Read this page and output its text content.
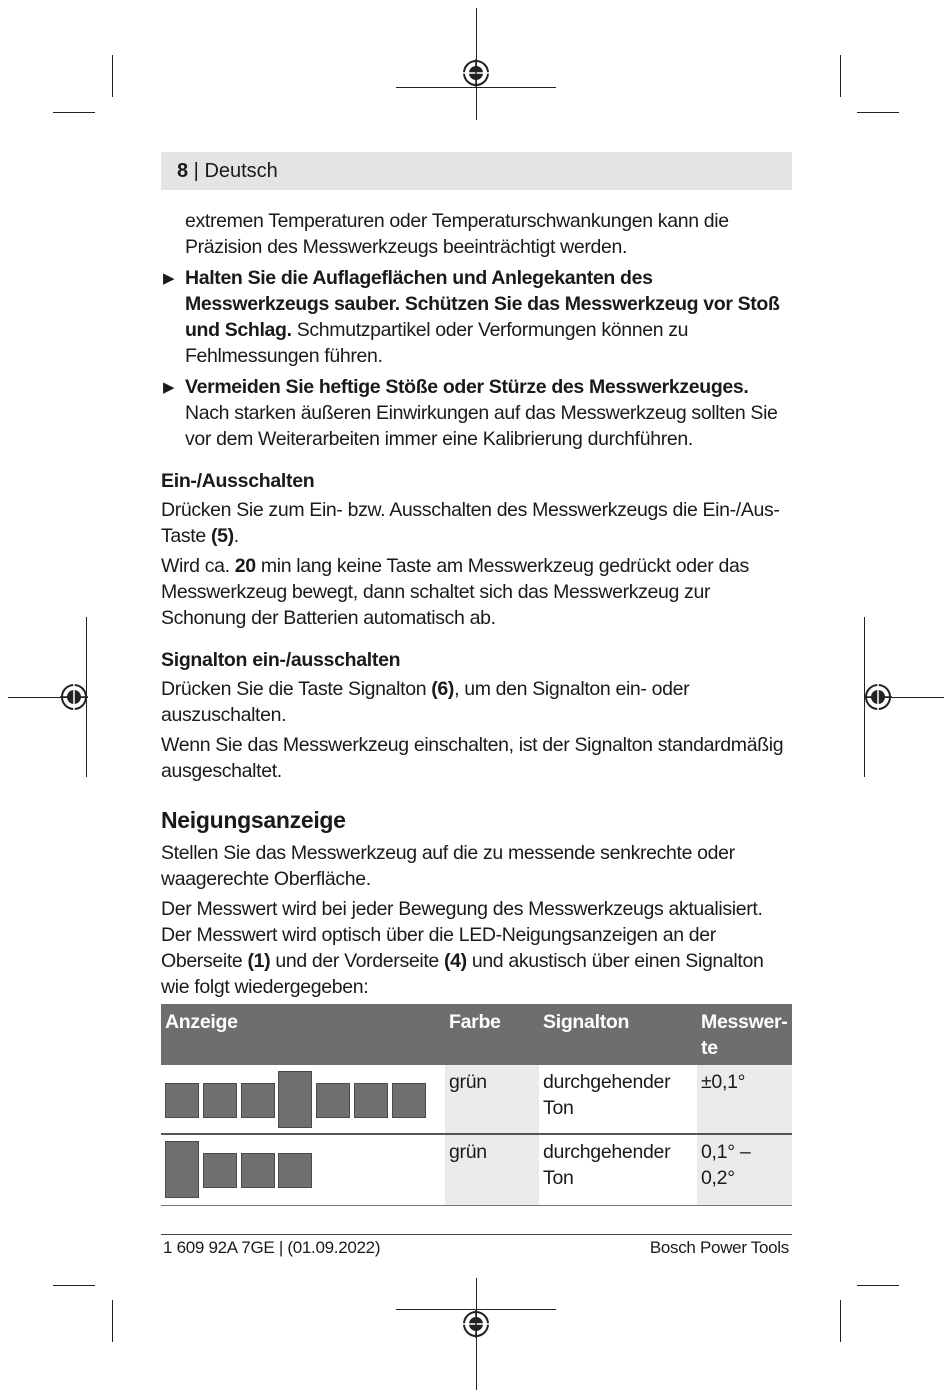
8 | Deutsch

extremen Temperaturen oder Temperaturschwankungen kann die Präzision des Messwerkzeugs beeinträchtigt werden.

▶ Halten Sie die Auflageflächen und Anlegekanten des Messwerkzeugs sauber. Schützen Sie das Messwerkzeug vor Stoß und Schlag. Schmutzpartikel oder Verformungen können zu Fehlmessungen führen.

▶ Vermeiden Sie heftige Stöße oder Stürze des Messwerkzeuges. Nach starken äußeren Einwirkungen auf das Messwerkzeug sollten Sie vor dem Weiterarbeiten immer eine Kalibrierung durchführen.

Ein-/Ausschalten

Drücken Sie zum Ein- bzw. Ausschalten des Messwerkzeugs die Ein-/Aus-Taste (5).

Wird ca. 20 min lang keine Taste am Messwerkzeug gedrückt oder das Messwerkzeug bewegt, dann schaltet sich das Messwerkzeug zur Schonung der Batterien automatisch ab.

Signalton ein-/ausschalten

Drücken Sie die Taste Signalton (6), um den Signalton ein- oder auszuschalten.

Wenn Sie das Messwerkzeug einschalten, ist der Signalton standardmäßig ausgeschaltet.

Neigungsanzeige

Stellen Sie das Messwerkzeug auf die zu messende senkrechte oder waagerechte Oberfläche.

Der Messwert wird bei jeder Bewegung des Messwerkzeugs aktualisiert. Der Messwert wird optisch über die LED-Neigungsanzeigen an der Oberseite (1) und der Vorderseite (4) und akustisch über einen Signalton wie folgt wiedergegeben:

Anzeige	Farbe	Signalton	Messwer-te

	grün	durchgehender Ton	±0,1°

	grün	durchgehender Ton	0,1° – 0,2°
1 609 92A 7GE | (01.09.2022)	Bosch Power Tools
